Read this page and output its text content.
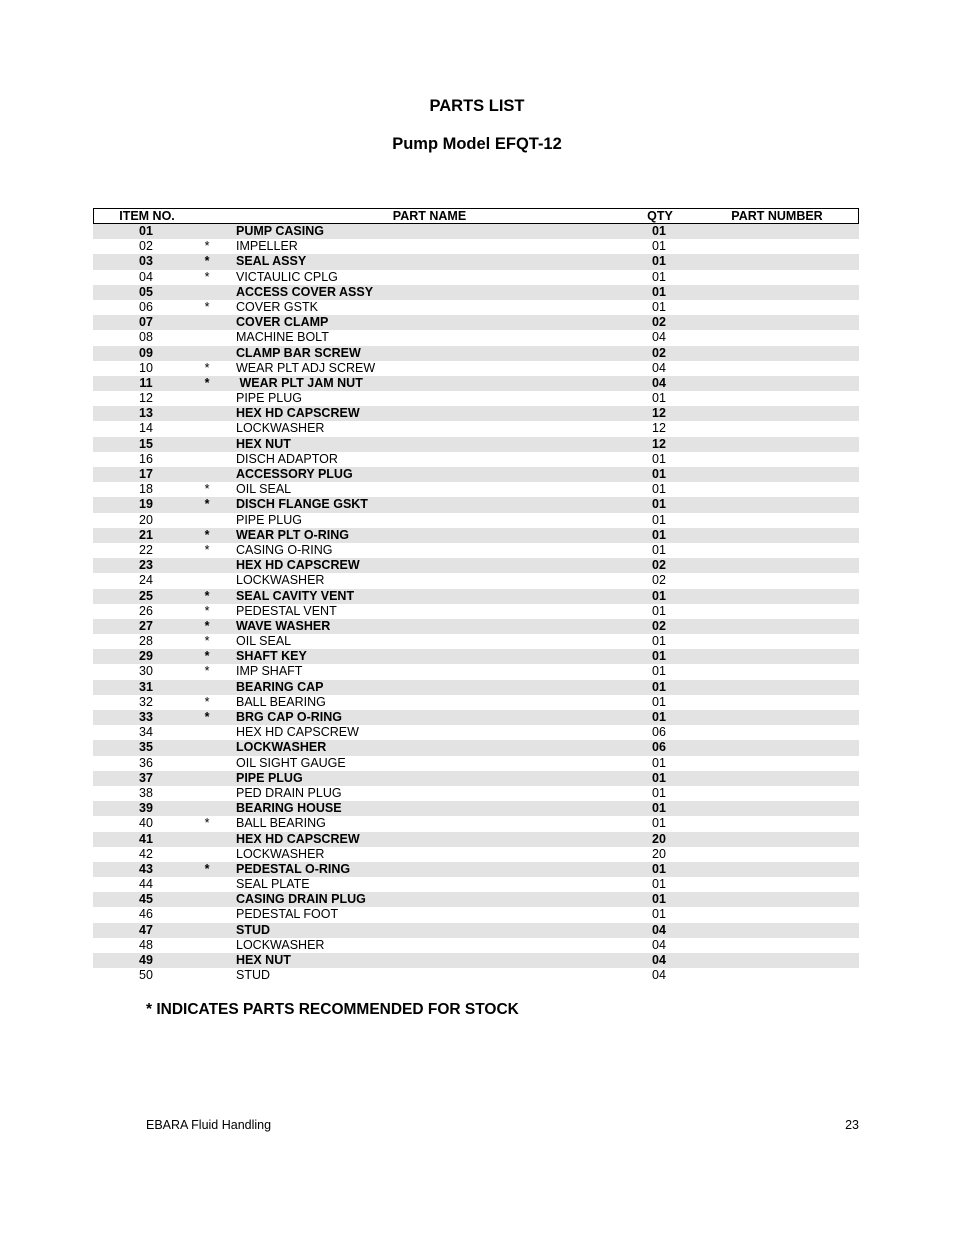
PARTS LIST
Pump Model EFQT-12
ITEM NO.	PART NAME	QTY	PART NUMBER
01	PUMP CASING	01
02	* IMPELLER	01
03	* SEAL ASSY	01
04	* VICTAULIC CPLG	01
05	ACCESS COVER ASSY	01
06	* COVER GSTK	01
07	COVER CLAMP	02
08	MACHINE BOLT	04
09	CLAMP BAR SCREW	02
10	* WEAR PLT ADJ SCREW	04
11	* WEAR PLT JAM NUT	04
12	PIPE PLUG	01
13	HEX HD CAPSCREW	12
14	LOCKWASHER	12
15	HEX NUT	12
16	DISCH ADAPTOR	01
17	ACCESSORY PLUG	01
18	* OIL SEAL	01
19	* DISCH FLANGE GSKT	01
20	PIPE PLUG	01
21	* WEAR PLT O-RING	01
22	* CASING O-RING	01
23	HEX HD CAPSCREW	02
24	LOCKWASHER	02
25	* SEAL CAVITY VENT	01
26	* PEDESTAL VENT	01
27	* WAVE WASHER	02
28	* OIL SEAL	01
29	* SHAFT KEY	01
30	* IMP SHAFT	01
31	BEARING CAP	01
32	* BALL BEARING	01
33	* BRG CAP O-RING	01
34	HEX HD CAPSCREW	06
35	LOCKWASHER	06
36	OIL SIGHT GAUGE	01
37	PIPE PLUG	01
38	PED DRAIN PLUG	01
39	BEARING HOUSE	01
40	* BALL BEARING	01
41	HEX HD CAPSCREW	20
42	LOCKWASHER	20
43	* PEDESTAL O-RING	01
44	SEAL PLATE	01
45	CASING DRAIN PLUG	01
46	PEDESTAL FOOT	01
47	STUD	04
48	LOCKWASHER	04
49	HEX NUT	04
50	STUD	04

* INDICATES PARTS RECOMMENDED FOR STOCK

EBARA Fluid Handling	23
